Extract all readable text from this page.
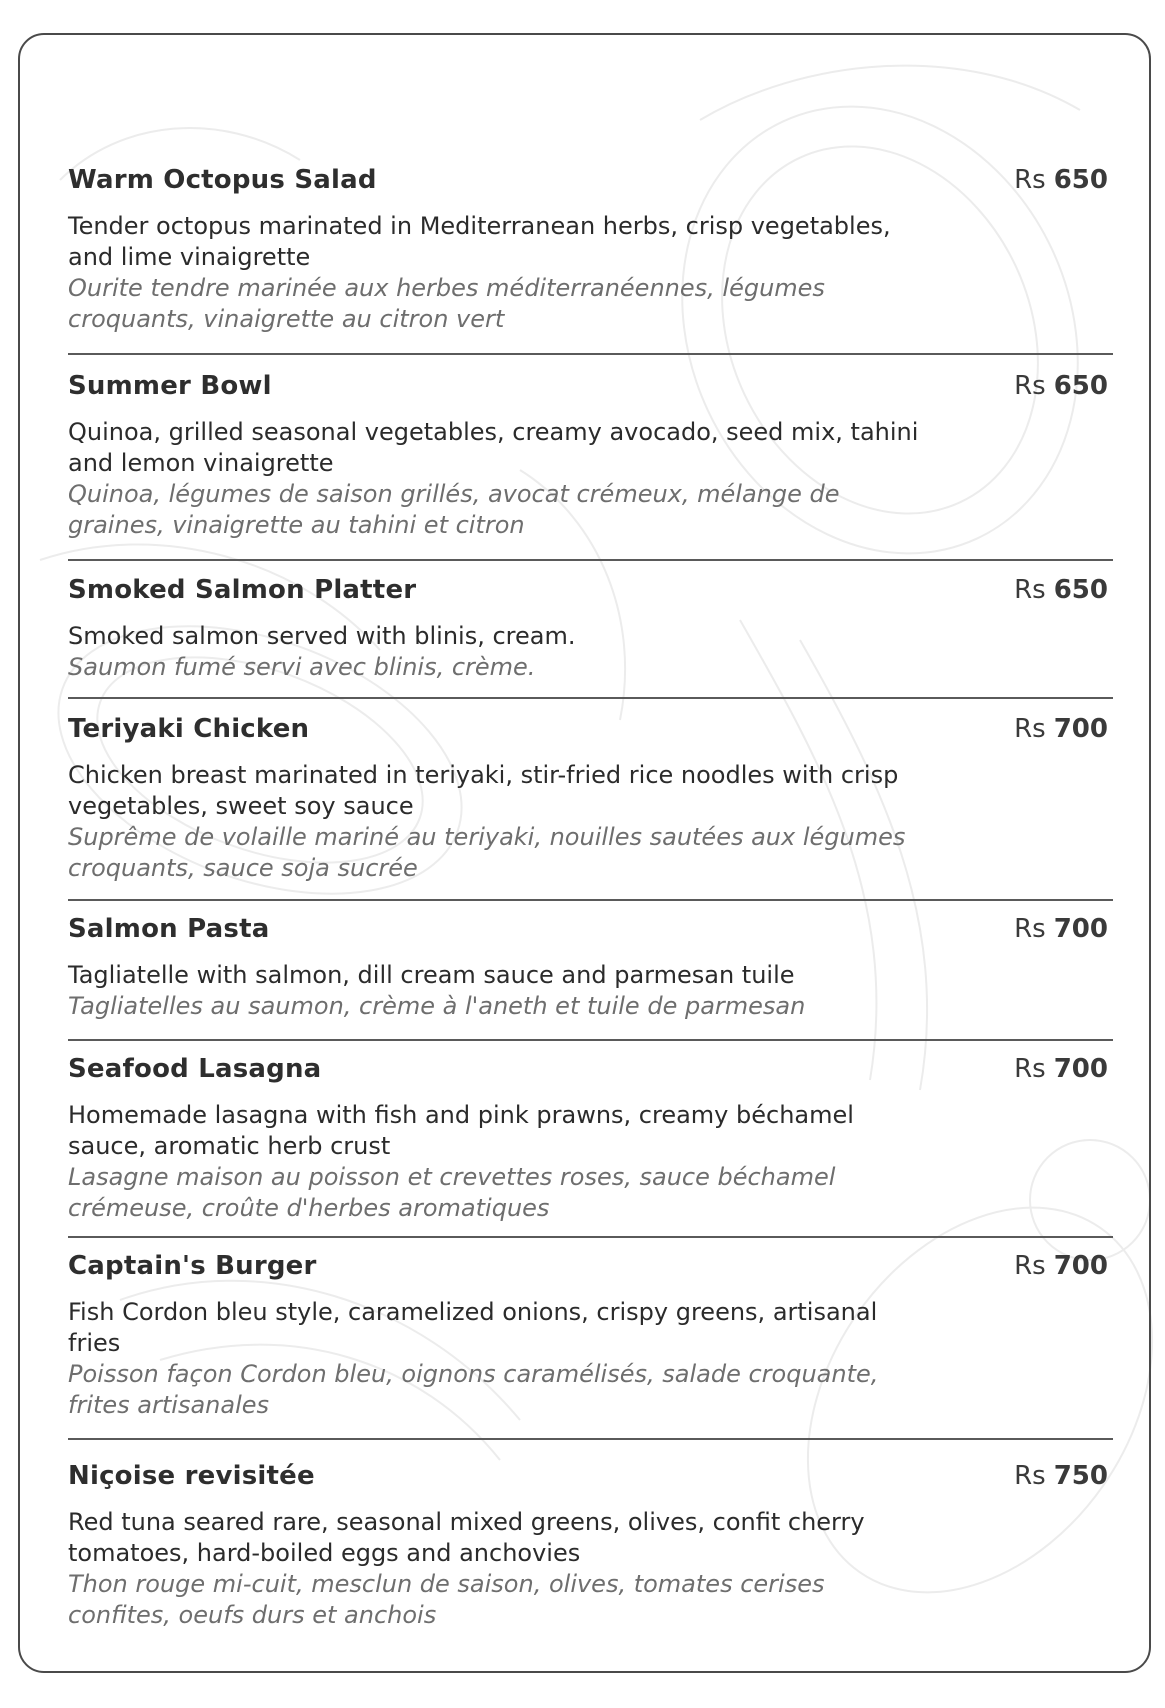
Warm Octopus Salad	Rs 650
Tender octopus marinated in Mediterranean herbs, crisp vegetables, and lime vinaigrette
Ourite tendre marinée aux herbes méditerranéennes, légumes croquants, vinaigrette au citron vert
Summer Bowl	Rs 650
Quinoa, grilled seasonal vegetables, creamy avocado, seed mix, tahini and lemon vinaigrette
Quinoa, légumes de saison grillés, avocat crémeux, mélange de graines, vinaigrette au tahini et citron
Smoked Salmon Platter	Rs 650
Smoked salmon served with blinis, cream.
Saumon fumé servi avec blinis, crème.
Teriyaki Chicken	Rs 700
Chicken breast marinated in teriyaki, stir-fried rice noodles with crisp vegetables, sweet soy sauce
Suprême de volaille mariné au teriyaki, nouilles sautées aux légumes croquants, sauce soja sucrée
Salmon Pasta	Rs 700
Tagliatelle with salmon, dill cream sauce and parmesan tuile
Tagliatelles au saumon, crème à l'aneth et tuile de parmesan
Seafood Lasagna	Rs 700
Homemade lasagna with fish and pink prawns, creamy béchamel sauce, aromatic herb crust
Lasagne maison au poisson et crevettes roses, sauce béchamel crémeuse, croûte d'herbes aromatiques
Captain's Burger	Rs 700
Fish Cordon bleu style, caramelized onions, crispy greens, artisanal fries
Poisson façon Cordon bleu, oignons caramélisés, salade croquante, frites artisanales
Niçoise revisitée	Rs 750
Red tuna seared rare, seasonal mixed greens, olives, confit cherry tomatoes, hard-boiled eggs and anchovies
Thon rouge mi-cuit, mesclun de saison, olives, tomates cerises confites, oeufs durs et anchois
